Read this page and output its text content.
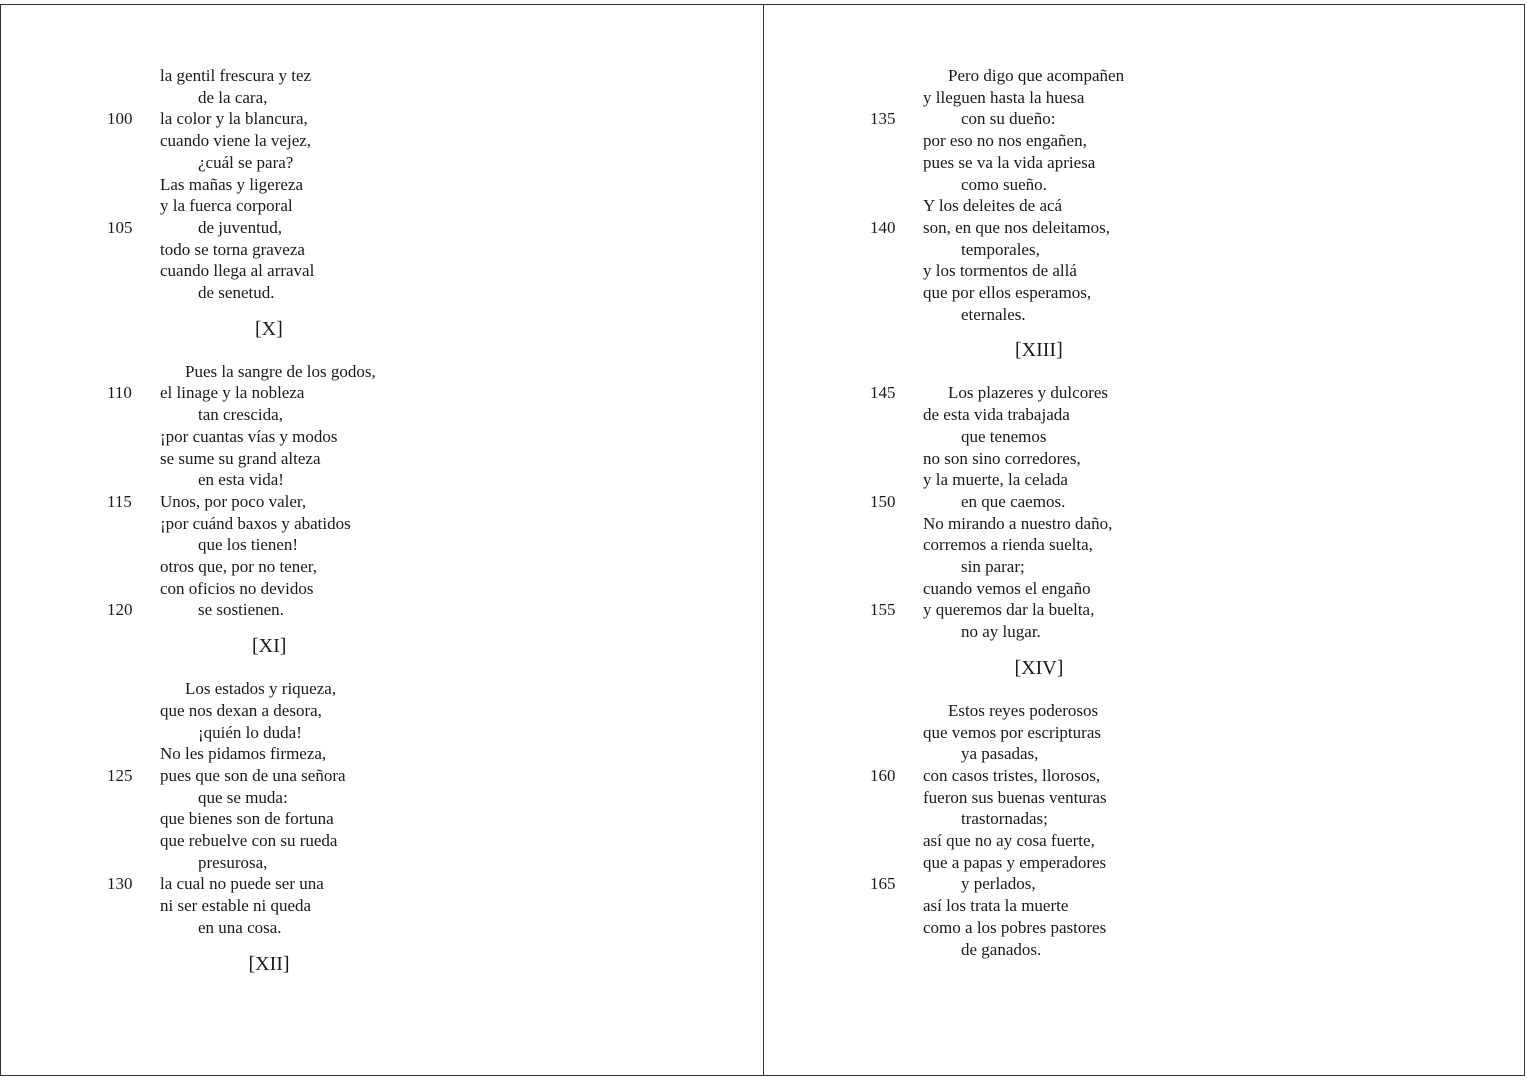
la gentil frescura y tez
de la cara,
100 la color y la blancura,
cuando viene la vejez,
¿cuál se para?
Las mañas y ligereza
y la fuerca corporal
105	de juventud,
todo se torna graveza
cuando llega al arraval
de senetud.
[X]
Pues la sangre de los godos,
110 el linage y la nobleza
tan crescida,
¡por cuantas vías y modos
se sume su grand alteza
en esta vida!
115 Unos, por poco valer,
¡por cuánd baxos y abatidos
que los tienen!
otros que, por no tener,
con oficios no devidos
120	se sostienen.
[XI]
Los estados y riqueza,
que nos dexan a desora,
¡quién lo duda!
No les pidamos firmeza,
125 pues que son de una señora
que se muda:
que bienes son de fortuna
que rebuelve con su rueda
presurosa,
130 la cual no puede ser una
ni ser estable ni queda
en una cosa.
[XII]
Pero digo que acompañen
y lleguen hasta la huesa
135	con su dueño:
por eso no nos engañen,
pues se va la vida apriesa
como sueño.
Y los deleites de acá
140 son, en que nos deleitamos,
temporales,
y los tormentos de allá
que por ellos esperamos,
eternales.
[XIII]
145	Los plazeres y dulcores
de esta vida trabajada
que tenemos
no son sino corredores,
y la muerte, la celada
150	en que caemos.
No mirando a nuestro daño,
corremos a rienda suelta,
sin parar;
cuando vemos el engaño
155 y queremos dar la buelta,
no ay lugar.
[XIV]
Estos reyes poderosos
que vemos por escripturas
ya pasadas,
160 con casos tristes, llorosos,
fueron sus buenas venturas
trastornadas;
así que no ay cosa fuerte,
que a papas y emperadores
165	y perlados,
así los trata la muerte
como a los pobres pastores
de ganados.
